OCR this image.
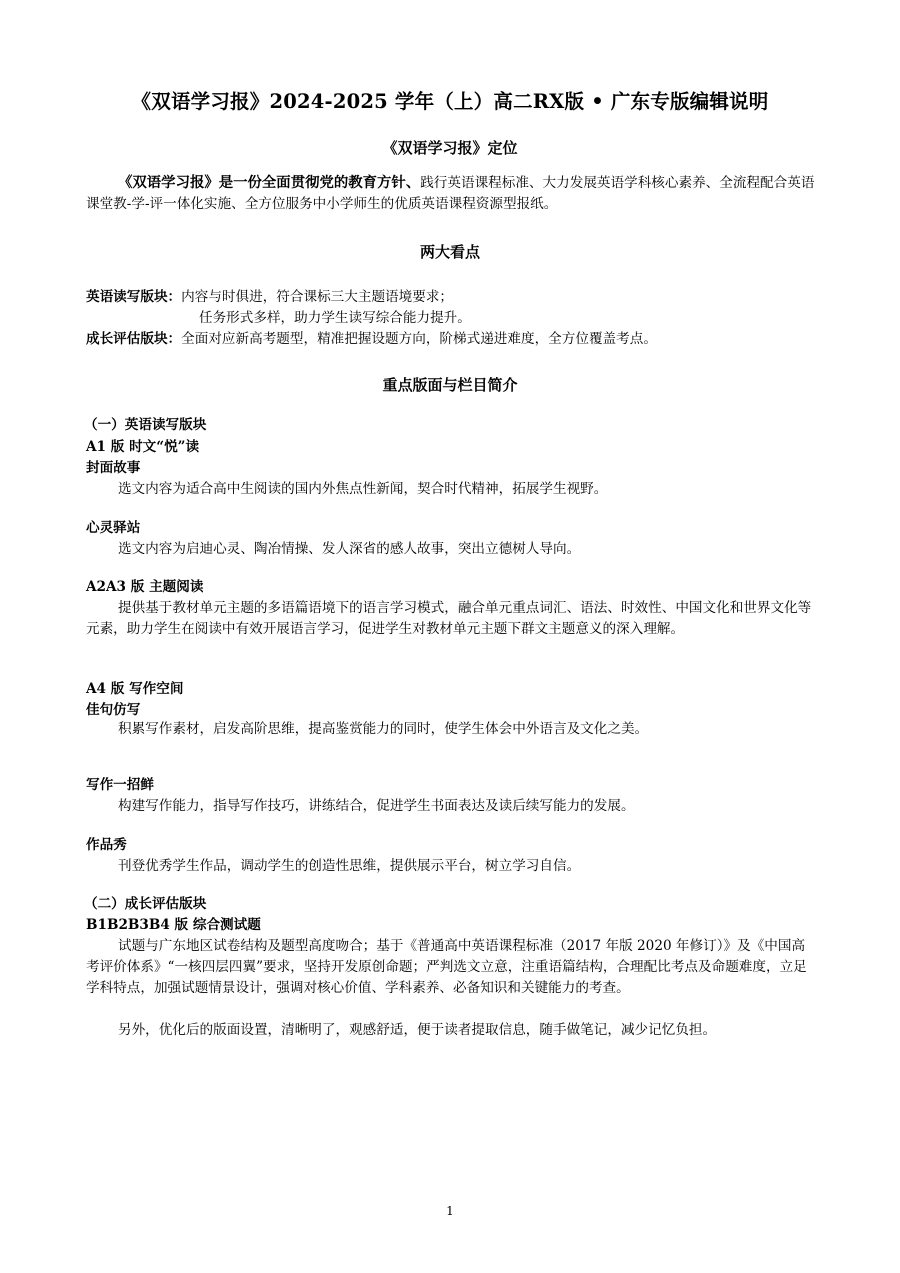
《双语学习报》2024-2025 学年（上）高二RX版 • 广东专版编辑说明
《双语学习报》定位
《双语学习报》是一份全面贯彻党的教育方针、践行英语课程标准、大力发展英语学科核心素养、全流程配合英语课堂教-学-评一体化实施、全方位服务中小学师生的优质英语课程资源型报纸。
两大看点
英语读写版块：内容与时俱进，符合课标三大主题语境要求；
任务形式多样，助力学生读写综合能力提升。
成长评估版块：全面对应新高考题型，精准把握设题方向，阶梯式递进难度，全方位覆盖考点。
重点版面与栏目简介
（一）英语读写版块
A1 版 时文“悦”读
封面故事
选文内容为适合高中生阅读的国内外焦点性新闻，契合时代精神，拓展学生视野。
心灵驿站
选文内容为启迪心灵、陶冶情操、发人深省的感人故事，突出立德树人导向。
A2A3 版 主题阅读
提供基于教材单元主题的多语篇语境下的语言学习模式，融合单元重点词汇、语法、时效性、中国文化和世界文化等元素，助力学生在阅读中有效开展语言学习，促进学生对教材单元主题下群文主题意义的深入理解。
A4 版 写作空间
佳句仿写
积累写作素材，启发高阶思维，提高鉴赏能力的同时，使学生体会中外语言及文化之美。
写作一招鲜
构建写作能力，指导写作技巧，讲练结合，促进学生书面表达及读后续写能力的发展。
作品秀
刊登优秀学生作品，调动学生的创造性思维，提供展示平台，树立学习自信。
（二）成长评估版块
B1B2B3B4 版 综合测试题
试题与广东地区试卷结构及题型高度吻合；基于《普通高中英语课程标准（2017 年版 2020 年修订）》及《中国高考评价体系》“一核四层四翼”要求，坚持开发原创命题；严判选文立意，注重语篇结构，合理配比考点及命题难度，立足学科特点，加强试题情景设计，强调对核心价值、学科素养、必备知识和关键能力的考查。
另外，优化后的版面设置，清晰明了，观感舒适，便于读者提取信息，随手做笔记，减少记忆负担。
1
